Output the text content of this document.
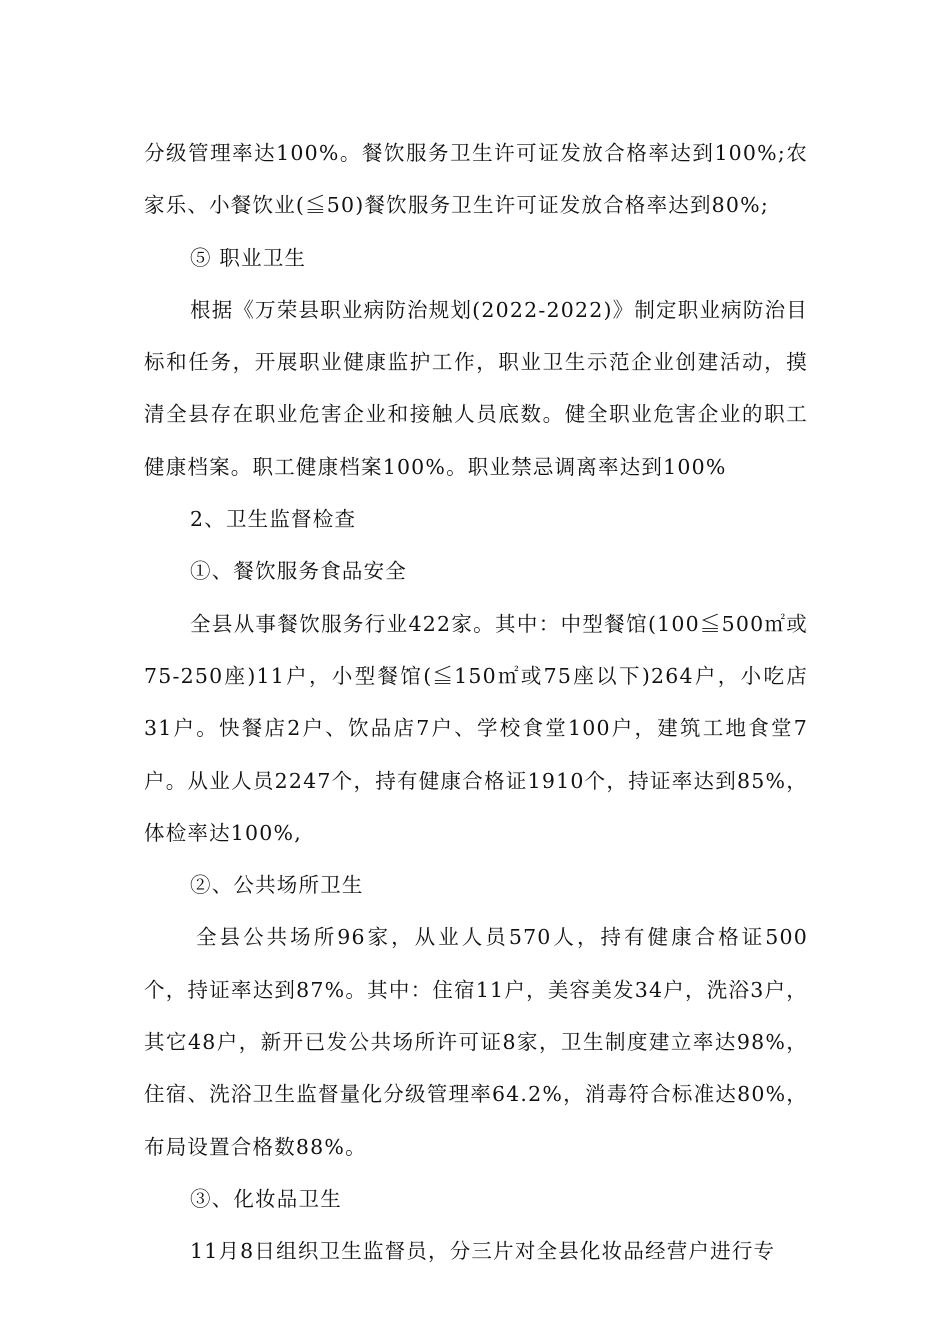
分级管理率达100%。餐饮服务卫生许可证发放合格率达到100%;农家乐、小餐饮业(≦50)餐饮服务卫生许可证发放合格率达到80%;

⑤ 职业卫生

根据《万荣县职业病防治规划(2022-2022)》制定职业病防治目标和任务，开展职业健康监护工作，职业卫生示范企业创建活动，摸清全县存在职业危害企业和接触人员底数。健全职业危害企业的职工健康档案。职工健康档案100%。职业禁忌调离率达到100%

2、卫生监督检查

①、餐饮服务食品安全

全县从事餐饮服务行业422家。其中：中型餐馆(100≦500㎡或75-250座)11户，小型餐馆(≦150㎡或75座以下)264户，小吃店31户。快餐店2户、饮品店7户、学校食堂100户，建筑工地食堂7户。从业人员2247个，持有健康合格证1910个，持证率达到85%，体检率达100%,

②、公共场所卫生

全县公共场所96家，从业人员570人，持有健康合格证500个，持证率达到87%。其中：住宿11户，美容美发34户，洗浴3户，其它48户，新开已发公共场所许可证8家，卫生制度建立率达98%，住宿、洗浴卫生监督量化分级管理率64.2%，消毒符合标准达80%，布局设置合格数88%。

③、化妆品卫生

11月8日组织卫生监督员，分三片对全县化妆品经营户进行专
